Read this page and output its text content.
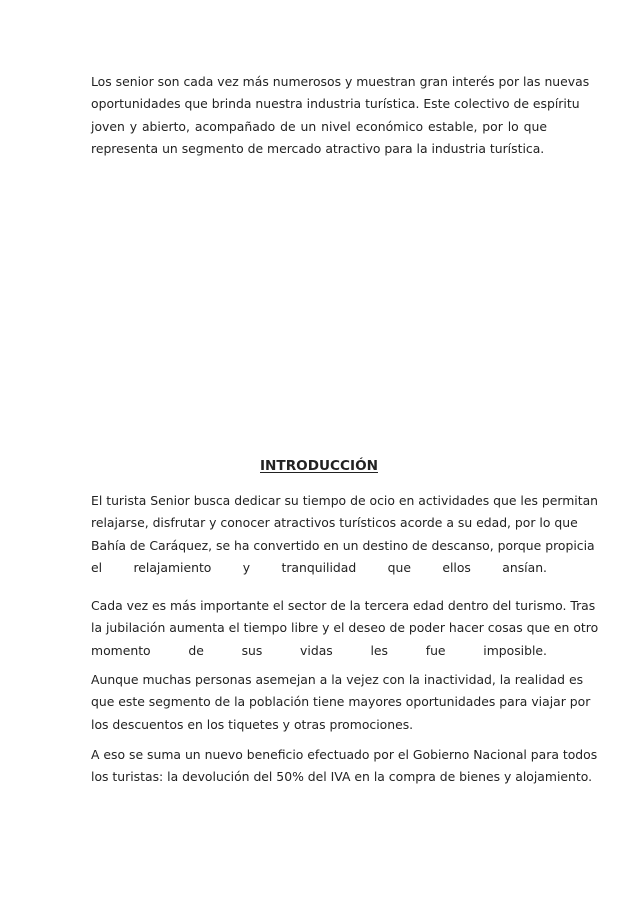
Los senior son cada vez más numerosos y muestran gran interés por las nuevas
oportunidades que brinda nuestra industria turística. Este colectivo de espíritu
joven y abierto, acompañado de un nivel económico estable, por lo que
representa un segmento de mercado atractivo para la industria turística.

INTRODUCCIÓN

El turista Senior busca dedicar su tiempo de ocio en actividades que les permitan
relajarse, disfrutar y conocer atractivos turísticos acorde a su edad, por lo que
Bahía de Caráquez, se ha convertido en un destino de descanso, porque propicia
el relajamiento y tranquilidad que ellos ansían.

Cada vez es más importante el sector de la tercera edad dentro del turismo. Tras
la jubilación aumenta el tiempo libre y el deseo de poder hacer cosas que en otro
momento de sus vidas les fue imposible.

Aunque muchas personas asemejan a la vejez con la inactividad, la realidad es
que este segmento de la población tiene mayores oportunidades para viajar por
los descuentos en los tiquetes y otras promociones.

A eso se suma un nuevo beneficio efectuado por el Gobierno Nacional para todos
los turistas: la devolución del 50% del IVA en la compra de bienes y alojamiento.
